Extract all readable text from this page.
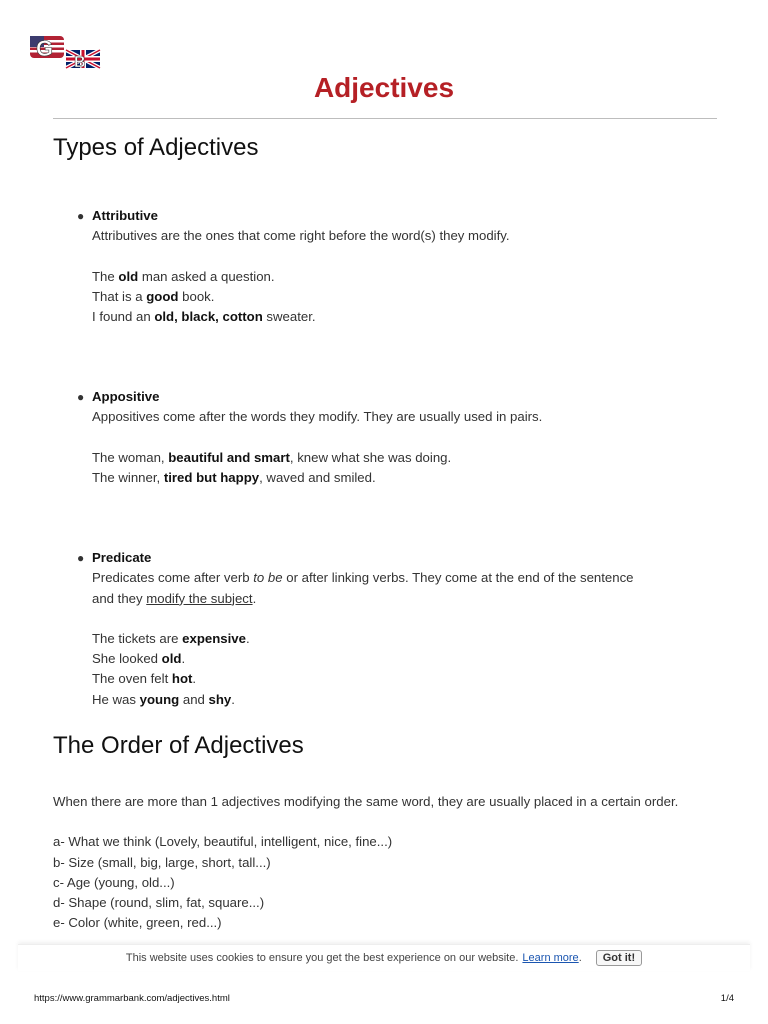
G
B
Adjectives
Types of Adjectives
● Attributive
Attributives are the ones that come right before the word(s) they modify.
The old man asked a question.
That is a good book.
I found an old, black, cotton sweater.
● Appositive
Appositives come after the words they modify. They are usually used in pairs.
The woman, beautiful and smart, knew what she was doing.
The winner, tired but happy, waved and smiled.
● Predicate
Predicates come after verb to be or after linking verbs. They come at the end of the sentence
and they modify the subject.
The tickets are expensive.
She looked old.
The oven felt hot.
He was young and shy.
The Order of Adjectives
When there are more than 1 adjectives modifying the same word, they are usually placed in a certain order.
a- What we think (Lovely, beautiful, intelligent, nice, fine...)
b- Size (small, big, large, short, tall...)
c- Age (young, old...)
d- Shape (round, slim, fat, square...)
e- Color (white, green, red...)
This website uses cookies to ensure you get the best experience on our website. Learn more .	Got it!
https://www.grammarbank.com/adjectives.html	1/4
